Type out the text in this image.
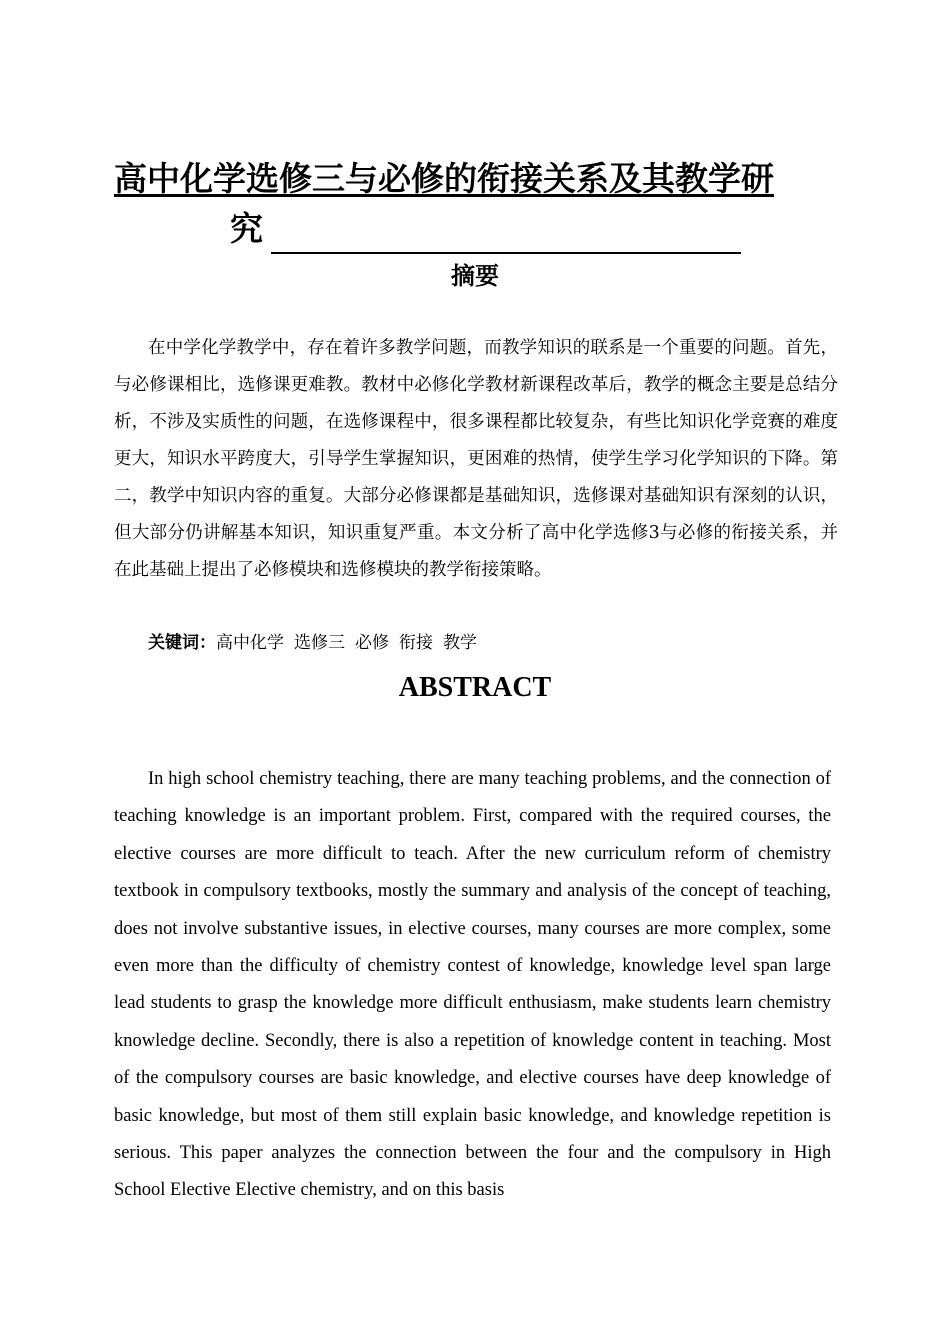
高中化学选修三与必修的衔接关系及其教学研
究
摘要

在中学化学教学中，存在着许多教学问题，而教学知识的联系是一个重要的问题。首先，与必修课相比，选修课更难教。教材中必修化学教材新课程改革后，教学的概念主要是总结分析，不涉及实质性的问题，在选修课程中，很多课程都比较复杂，有些比知识化学竞赛的难度更大，知识水平跨度大，引导学生掌握知识，更困难的热情，使学生学习化学知识的下降。第二，教学中知识内容的重复。大部分必修课都是基础知识，选修课对基础知识有深刻的认识，但大部分仍讲解基本知识，知识重复严重。本文分析了高中化学选修3与必修的衔接关系，并在此基础上提出了必修模块和选修模块的教学衔接策略。

关键词：高中化学 选修三 必修 衔接 教学

ABSTRACT

In high school chemistry teaching, there are many teaching problems, and the connection of teaching knowledge is an important problem. First, compared with the required courses, the elective courses are more difficult to teach. After the new curriculum reform of chemistry textbook in compulsory textbooks, mostly the summary and analysis of the concept of teaching, does not involve substantive issues, in elective courses, many courses are more complex, some even more than the difficulty of chemistry contest of knowledge, knowledge level span large lead students to grasp the knowledge more difficult enthusiasm, make students learn chemistry knowledge decline. Secondly, there is also a repetition of knowledge content in teaching. Most of the compulsory courses are basic knowledge, and elective courses have deep knowledge of basic knowledge, but most of them still explain basic knowledge, and knowledge repetition is serious. This paper analyzes the connection between the four and the compulsory in High School Elective Elective chemistry, and on this basis
